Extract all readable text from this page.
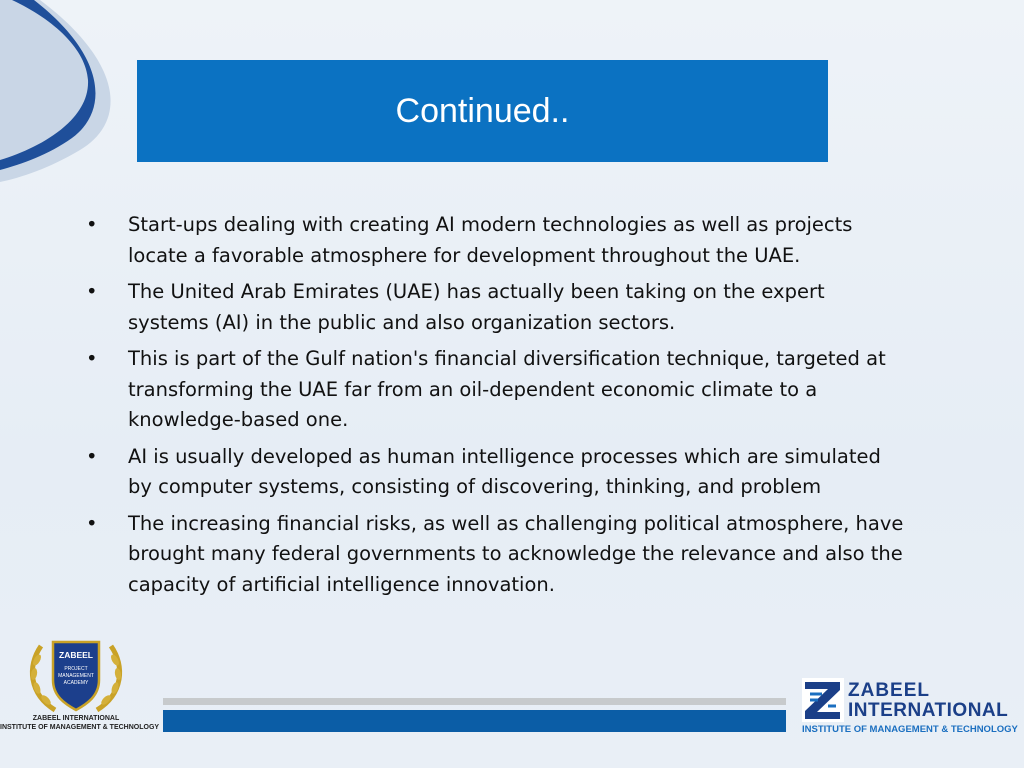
Continued..
•	Start-ups dealing with creating AI modern technologies as well as projects locate a favorable atmosphere for development throughout the UAE.
•	The United Arab Emirates (UAE) has actually been taking on the expert systems (AI) in the public and also organization sectors.
•	This is part of the Gulf nation's financial diversification technique, targeted at transforming the UAE far from an oil-dependent economic climate to a knowledge-based one.
•	AI is usually developed as human intelligence processes which are simulated by computer systems, consisting of discovering, thinking, and problem
•	The increasing financial risks, as well as challenging political atmosphere, have brought many federal governments to acknowledge the relevance and also the capacity of artificial intelligence innovation.
ZABEEL
PROJECT
MANAGEMENT
ACADEMY
ZABEEL INTERNATIONAL
INSTITUTE OF MANAGEMENT & TECHNOLOGY
ZABEEL
INTERNATIONAL
INSTITUTE OF MANAGEMENT & TECHNOLOGY
